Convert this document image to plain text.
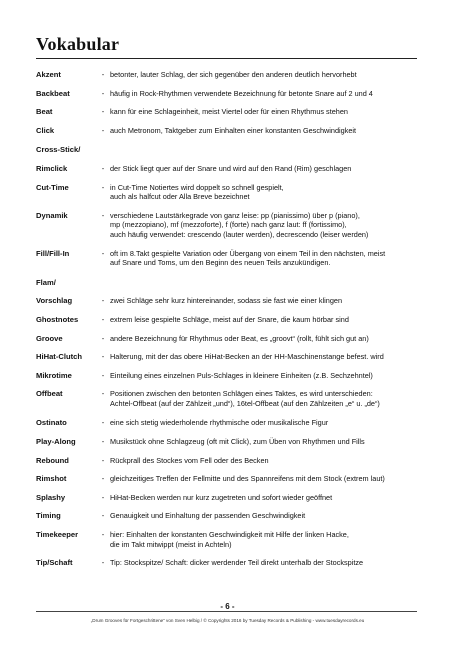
Vokabular
Akzent	- betonter, lauter Schlag, der sich gegenüber den anderen deutlich hervorhebt
Backbeat	- häufig in Rock-Rhythmen verwendete Bezeichnung für betonte Snare auf 2 und 4
Beat	- kann für eine Schlageinheit, meist Viertel oder für einen Rhythmus stehen
Click	- auch Metronom, Taktgeber zum Einhalten einer konstanten Geschwindigkeit
Cross-Stick/
Rimclick	- der Stick liegt quer auf der Snare und wird auf den Rand (Rim) geschlagen
Cut-Time	- in Cut-Time Notiertes wird doppelt so schnell gespielt,
auch als halfcut oder Alla Breve bezeichnet
Dynamik	- verschiedene Lautstärkegrade von ganz leise: pp (pianissimo) über p (piano),
mp (mezzopiano), mf (mezzoforte), f (forte) nach ganz laut: ff (fortissimo),
auch häufig verwendet: crescendo (lauter werden), decrescendo (leiser werden)
Fill/Fill-In	- oft im 8.Takt gespielte Variation oder Übergang von einem Teil in den nächsten, meist
auf Snare und Toms, um den Beginn des neuen Teils anzukündigen.
Flam/
Vorschlag	- zwei Schläge sehr kurz hintereinander, sodass sie fast wie einer klingen
Ghostnotes	- extrem leise gespielte Schläge, meist auf der Snare, die kaum hörbar sind
Groove	- andere Bezeichnung für Rhythmus oder Beat, es „groovt“ (rollt, fühlt sich gut an)
HiHat-Clutch	- Halterung, mit der das obere HiHat-Becken an der HH-Maschinenstange befest. wird
Mikrotime	- Einteilung eines einzelnen Puls-Schlages in kleinere Einheiten (z.B. Sechzehntel)
Offbeat	- Positionen zwischen den betonten Schlägen eines Taktes, es wird unterschieden:
Achtel-Offbeat (auf der Zählzeit „und“), 16tel-Offbeat (auf den Zählzeiten „e“ u. „de“)
Ostinato	- eine sich stetig wiederholende rhythmische oder musikalische Figur
Play-Along	- Musikstück ohne Schlagzeug (oft mit Click), zum Üben von Rhythmen und Fills
Rebound	- Rückprall des Stockes vom Fell oder des Becken
Rimshot	- gleichzeitiges Treffen der Fellmitte und des Spannreifens mit dem Stock (extrem laut)
Splashy	- HiHat-Becken werden nur kurz zugetreten und sofort wieder geöffnet
Timing	- Genauigkeit und Einhaltung der passenden Geschwindigkeit
Timekeeper	- hier: Einhalten der konstanten Geschwindigkeit mit Hilfe der linken Hacke,
die im Takt mitwippt (meist in Achteln)
Tip/Schaft	- Tip: Stockspitze/ Schaft: dicker werdender Teil direkt unterhalb der Stockspitze
- 6 -
„Drum Grooves für Fortgeschrittene“ von Sven Helbig / © Copyrights 2016 by Tuesday Records & Publishing - www.tuesdayrecords.eu
